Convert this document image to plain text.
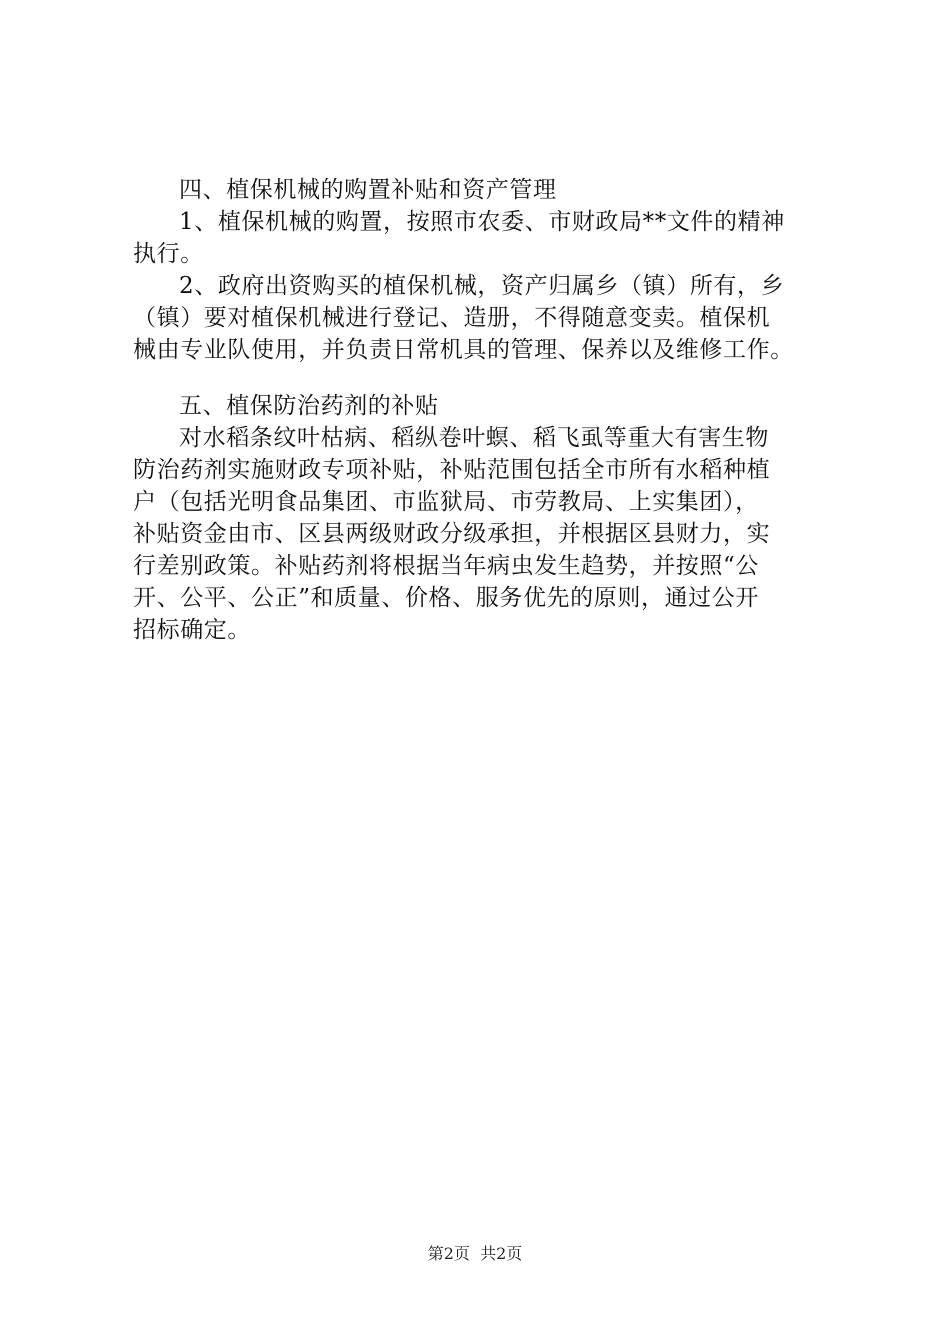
四、植保机械的购置补贴和资产管理
1、植保机械的购置，按照市农委、市财政局**文件的精神
执行。
2、政府出资购买的植保机械，资产归属乡（镇）所有，乡
（镇）要对植保机械进行登记、造册，不得随意变卖。植保机
械由专业队使用，并负责日常机具的管理、保养以及维修工作。
五、植保防治药剂的补贴
对水稻条纹叶枯病、稻纵卷叶螟、稻飞虱等重大有害生物
防治药剂实施财政专项补贴，补贴范围包括全市所有水稻种植
户（包括光明食品集团、市监狱局、市劳教局、上实集团），
补贴资金由市、区县两级财政分级承担，并根据区县财力，实
行差别政策。补贴药剂将根据当年病虫发生趋势，并按照“公
开、公平、公正”和质量、价格、服务优先的原则，通过公开
招标确定。
第2页  共2页
